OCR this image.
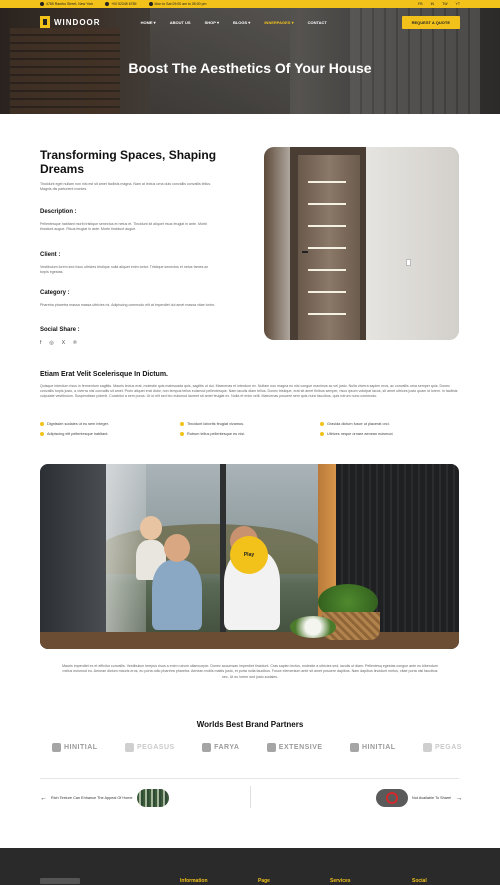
4785 Rambo Street, New York	+00 52345 6789	Mon to Sat 09:00 am to 05:00 pm	FB IN TW YT
WINDOOR	HOME ▾	ABOUT US	SHOP ▾	BLOGS ▾	INNERPAGES ▾	CONTACT	REQUEST A QUOTE
Boost The Aesthetics Of Your House
Transforming Spaces, Shaping Dreams
Tincidunt eget nullam non nisi est sit amet facilisis magna. Nam at lectus urna duis convallis convallis tellus. Magnis dis parturient montes.
Description :
Pellentesque habitant morbi tristique senectus et netus et. Tincidunt sit aliquet risus feugiat in ante. Morbi tincidunt augue. Risus feugiat in ante. Morbi tincidunt augue.
Client :
Vestibulum lorem sed risus ultricies tristique nulla aliquet enim tortor. Tristique senectus et netus fames ac turpis egestas.
Category :
Pharetra pharetra massa massa ultricies mi. Adipiscing commodo elit at imperdiet dui amet massa vitae tortor.
Social Share :
f ◎ X ℗
Etiam Erat Velit Scelerisque In Dictum.
Quisque interdum risus in fermentum sagittis. Mauris lectus erat, molestie quis malesuada quis, sagittis ut dui. Maecenas et interdum ex. Nullam non magna eu nisi congue maximus ac vel justo. Nulla viverra sapien eros, ac convallis urna semper quis. Donec convallis turpis justo, a viverra nisl convallis sit amet. Proin aliquet erat dolor, non tempus tellus euismod pellentesque. Nam iaculis diam tellus. Donec tristique, erat sit amet finibus semper, risus ipsum volutpat lacus, sit amet ultrices justo quam id lorem. In facilisis vulputate vestibulum. Suspendisse potenti. Curabitur a sem purus. Ut ut elit sed leo euismod laoreet sit amet feugiat ex. Nulla et enim velit. Maecenas posuere sem quis nunc faucibus, quis rutrum nunc commodo.
Dignissim sodales ut eu sem integer.	Tincidunt lobortis feugiat vivamus.	Gravida dictum fusce ut placerat orci.
Adipiscing elit pellentesque habitant.	Rutrum tellus pellentesque eu nisi.	Ultrices neque ornare aenean euismod.
Play
Mauris imperdiet ex et efficitur convallis. Vestibulum tempus risus a enim rutrum ullamcorper. Donec accumsan imperdiet tincidunt. Cras sapien lectus, molestie a ultricies sed, iaculis ut diam. Pellentesq egestas congue ante eu bibendum metus euismod eu. Aenean dictum mauris eros, eu porta odio pharetra pharetra. Aenean mollis mattis justo, et porta nulla faucibus. Fusce elementum ante sit amet posuere dapibus. Nam dapibus tincidunt metus, vitae porta nisi faucibus nec. Ut eu lorem sed justo sodales.
Worlds Best Brand Partners
HINITIAL	PEGASUS	FARYA	EXTENSIVE	HINITIAL	PEGAS
← Rich Texture Can Enhance The Appeal Of Home	Not Available To Share! →
Information	Page	Services	Social
